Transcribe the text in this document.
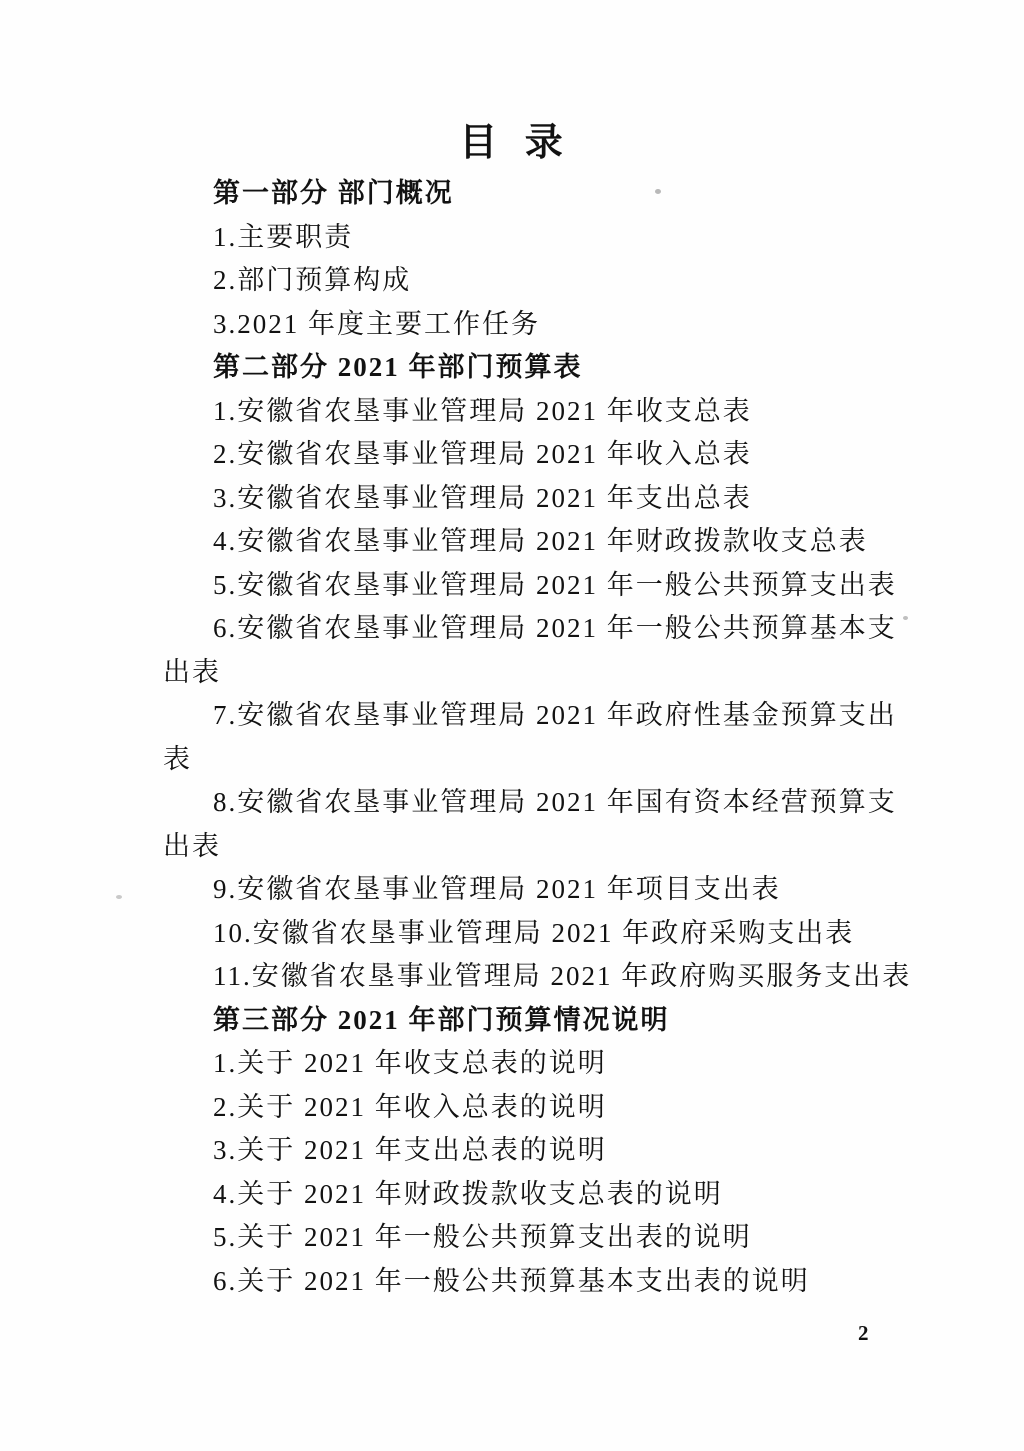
目 录
第一部分 部门概况
1.主要职责
2.部门预算构成
3.2021 年度主要工作任务
第二部分 2021 年部门预算表
1.安徽省农垦事业管理局 2021 年收支总表
2.安徽省农垦事业管理局 2021 年收入总表
3.安徽省农垦事业管理局 2021 年支出总表
4.安徽省农垦事业管理局 2021 年财政拨款收支总表
5.安徽省农垦事业管理局 2021 年一般公共预算支出表
6.安徽省农垦事业管理局 2021 年一般公共预算基本支
出表
7.安徽省农垦事业管理局 2021 年政府性基金预算支出
表
8.安徽省农垦事业管理局 2021 年国有资本经营预算支
出表
9.安徽省农垦事业管理局 2021 年项目支出表
10.安徽省农垦事业管理局 2021 年政府采购支出表
11.安徽省农垦事业管理局 2021 年政府购买服务支出表
第三部分 2021 年部门预算情况说明
1.关于 2021 年收支总表的说明
2.关于 2021 年收入总表的说明
3.关于 2021 年支出总表的说明
4.关于 2021 年财政拨款收支总表的说明
5.关于 2021 年一般公共预算支出表的说明
6.关于 2021 年一般公共预算基本支出表的说明
2
